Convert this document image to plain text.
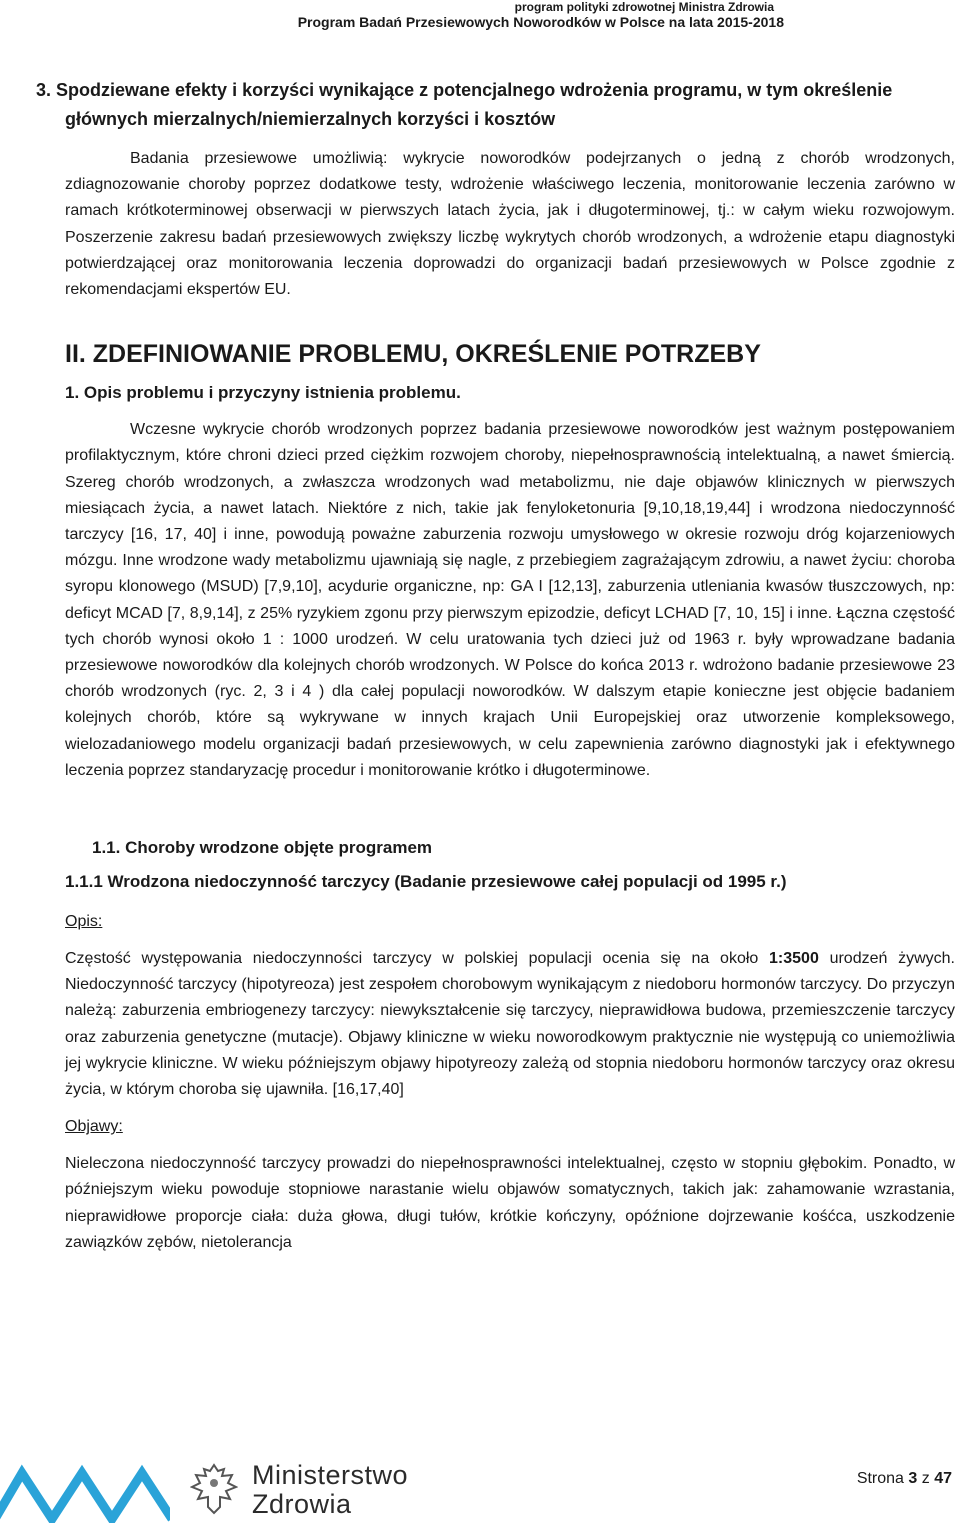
program polityki zdrowotnej Ministra Zdrowia
Program Badań Przesiewowych Noworodków w Polsce na lata 2015-2018

3. Spodziewane efekty i korzyści wynikające z potencjalnego wdrożenia programu, w tym określenie głównych mierzalnych/niemierzalnych korzyści i kosztów

Badania przesiewowe umożliwią: wykrycie noworodków podejrzanych o jedną z chorób wrodzonych, zdiagnozowanie choroby poprzez dodatkowe testy, wdrożenie właściwego leczenia, monitorowanie leczenia zarówno w ramach krótkoterminowej obserwacji w pierwszych latach życia, jak i długoterminowej, tj.: w całym wieku rozwojowym. Poszerzenie zakresu badań przesiewowych zwiększy liczbę wykrytych chorób wrodzonych, a wdrożenie etapu diagnostyki potwierdzającej oraz monitorowania leczenia doprowadzi do organizacji badań przesiewowych w Polsce zgodnie z rekomendacjami ekspertów EU.

II. ZDEFINIOWANIE PROBLEMU, OKREŚLENIE POTRZEBY

1. Opis problemu i przyczyny istnienia problemu.

Wczesne wykrycie chorób wrodzonych poprzez badania przesiewowe noworodków jest ważnym postępowaniem profilaktycznym, które chroni dzieci przed ciężkim rozwojem choroby, niepełnosprawnością intelektualną, a nawet śmiercią. Szereg chorób wrodzonych, a zwłaszcza wrodzonych wad metabolizmu, nie daje objawów klinicznych w pierwszych miesiącach życia, a nawet latach. Niektóre z nich, takie jak fenyloketonuria [9,10,18,19,44] i wrodzona niedoczynność tarczycy [16, 17, 40] i inne, powodują poważne zaburzenia rozwoju umysłowego w okresie rozwoju dróg kojarzeniowych mózgu. Inne wrodzone wady metabolizmu ujawniają się nagle, z przebiegiem zagrażającym zdrowiu, a nawet życiu: choroba syropu klonowego (MSUD) [7,9,10], acydurie organiczne, np: GA I [12,13], zaburzenia utleniania kwasów tłuszczowych, np: deficyt MCAD [7, 8,9,14], z 25% ryzykiem zgonu przy pierwszym epizodzie, deficyt LCHAD [7, 10, 15] i inne. Łączna częstość tych chorób wynosi około 1 : 1000 urodzeń. W celu uratowania tych dzieci już od 1963 r. były wprowadzane badania przesiewowe noworodków dla kolejnych chorób wrodzonych. W Polsce do końca 2013 r. wdrożono badanie przesiewowe 23 chorób wrodzonych (ryc. 2, 3 i 4 ) dla całej populacji noworodków. W dalszym etapie konieczne jest objęcie badaniem kolejnych chorób, które są wykrywane w innych krajach Unii Europejskiej oraz utworzenie kompleksowego, wielozadaniowego modelu organizacji badań przesiewowych, w celu zapewnienia zarówno diagnostyki jak i efektywnego leczenia poprzez standaryzację procedur i monitorowanie krótko i długoterminowe.

1.1. Choroby wrodzone objęte programem

1.1.1 Wrodzona niedoczynność tarczycy (Badanie przesiewowe całej populacji od 1995 r.)

Opis:

Częstość występowania niedoczynności tarczycy w polskiej populacji ocenia się na około 1:3500 urodzeń żywych. Niedoczynność tarczycy (hipotyreoza) jest zespołem chorobowym wynikającym z niedoboru hormonów tarczycy. Do przyczyn należą: zaburzenia embriogenezy tarczycy: niewykształcenie się tarczycy, nieprawidłowa budowa, przemieszczenie tarczycy oraz zaburzenia genetyczne (mutacje). Objawy kliniczne w wieku noworodkowym praktycznie nie występują co uniemożliwia jej wykrycie kliniczne. W wieku późniejszym objawy hipotyreozy zależą od stopnia niedoboru hormonów tarczycy oraz okresu życia, w którym choroba się ujawniła. [16,17,40]

Objawy:

Nieleczona niedoczynność tarczycy prowadzi do niepełnosprawności intelektualnej, często w stopniu głębokim. Ponadto, w późniejszym wieku powoduje stopniowe narastanie wielu objawów somatycznych, takich jak: zahamowanie wzrastania, nieprawidłowe proporcje ciała: duża głowa, długi tułów, krótkie kończyny, opóźnione dojrzewanie kośćca, uszkodzenie zawiązków zębów, nietolerancja

Ministerstwo
Zdrowia
Strona 3 z 47
